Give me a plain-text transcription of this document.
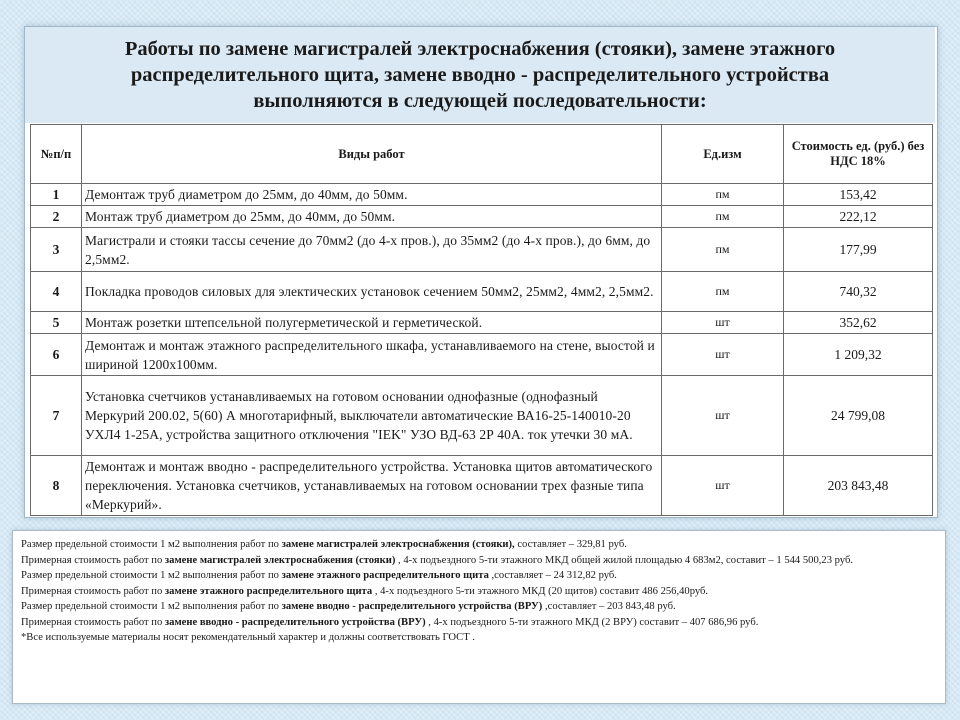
Работы по замене магистралей электроснабжения (стояки), замене этажного
распределительного щита, замене вводно - распределительного устройства
выполняются в следующей последовательности:
№п/п	Виды работ	Ед.изм	Стоимость ед. (руб.) без НДС 18%
1	Демонтаж труб диаметром до 25мм, до 40мм, до 50мм.	пм	153,42
2	Монтаж труб диаметром до 25мм, до 40мм, до 50мм.	пм	222,12
3	Магистрали и стояки тассы сечение до 70мм2 (до 4-х пров.), до 35мм2 (до 4-х пров.), до 6мм, до 2,5мм2.	пм	177,99
4	Покладка проводов силовых для электических установок сечением 50мм2, 25мм2, 4мм2, 2,5мм2.	пм	740,32
5	Монтаж розетки штепсельной полугерметической и герметической.	шт	352,62
6	Демонтаж и монтаж этажного распределительного шкафа, устанавливаемого на стене, выостой и шириной 1200х100мм.	шт	1 209,32
7	Установка счетчиков устанавливаемых на готовом основании однофазные (однофазный Меркурий 200.02, 5(60) А многотарифный, выключатели автоматические ВА16-25-140010-20 УХЛ4 1-25А, устройства защитного отключения "IEK" УЗО ВД-63 2Р 40А. ток утечки 30 мА.	шт	24 799,08
8	Демонтаж и монтаж вводно - распределительного устройства. Установка щитов автоматического переключения. Установка счетчиков, устанавливаемых на готовом основании трех фазные типа «Меркурий».	шт	203 843,48

Размер предельной стоимости 1 м2 выполнения работ по замене магистралей электроснабжения (стояки), составляет – 329,81 руб.

Примерная стоимость работ по замене магистралей электроснабжения (стояки) , 4-х подъездного 5-ти этажного МКД общей жилой площадью 4 683м2, составит – 1 544 500,23 руб.

Размер предельной стоимости 1 м2 выполнения работ по замене этажного распределительного щита ,составляет – 24 312,82 руб.

Примерная стоимость работ по замене этажного распределительного щита , 4-х подъездного 5-ти этажного МКД (20 щитов) составит 486 256,40руб.

Размер предельной стоимости 1 м2 выполнения работ по замене вводно - распределительного устройства (ВРУ) ,составляет – 203 843,48 руб.

Примерная стоимость работ по замене вводно - распределительного устройства (ВРУ) , 4-х подъездного 5-ти этажного МКД (2 ВРУ) составит – 407 686,96 руб.

*Все используемые материалы носят рекомендательный характер и должны соответствовать ГОСТ .
